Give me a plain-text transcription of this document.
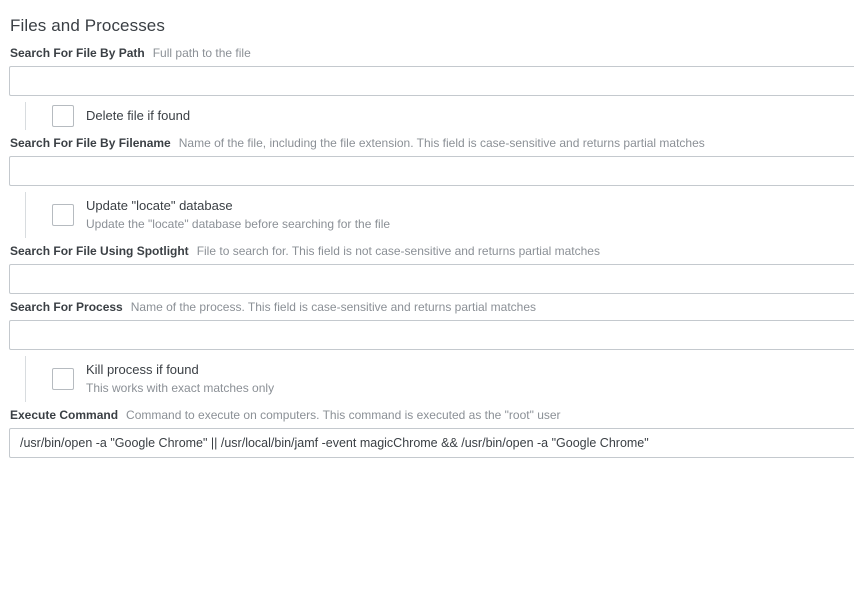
Files and Processes
Search For File By Path Full path to the file
Delete file if found
Search For File By Filename Name of the file, including the file extension. This field is case-sensitive and returns partial matches
Update "locate" database
Update the "locate" database before searching for the file
Search For File Using Spotlight File to search for. This field is not case-sensitive and returns partial matches
Search For Process Name of the process. This field is case-sensitive and returns partial matches
Kill process if found
This works with exact matches only
Execute Command Command to execute on computers. This command is executed as the "root" user
/usr/bin/open -a "Google Chrome" || /usr/local/bin/jamf -event magicChrome && /usr/bin/open -a "Google Chrome"
